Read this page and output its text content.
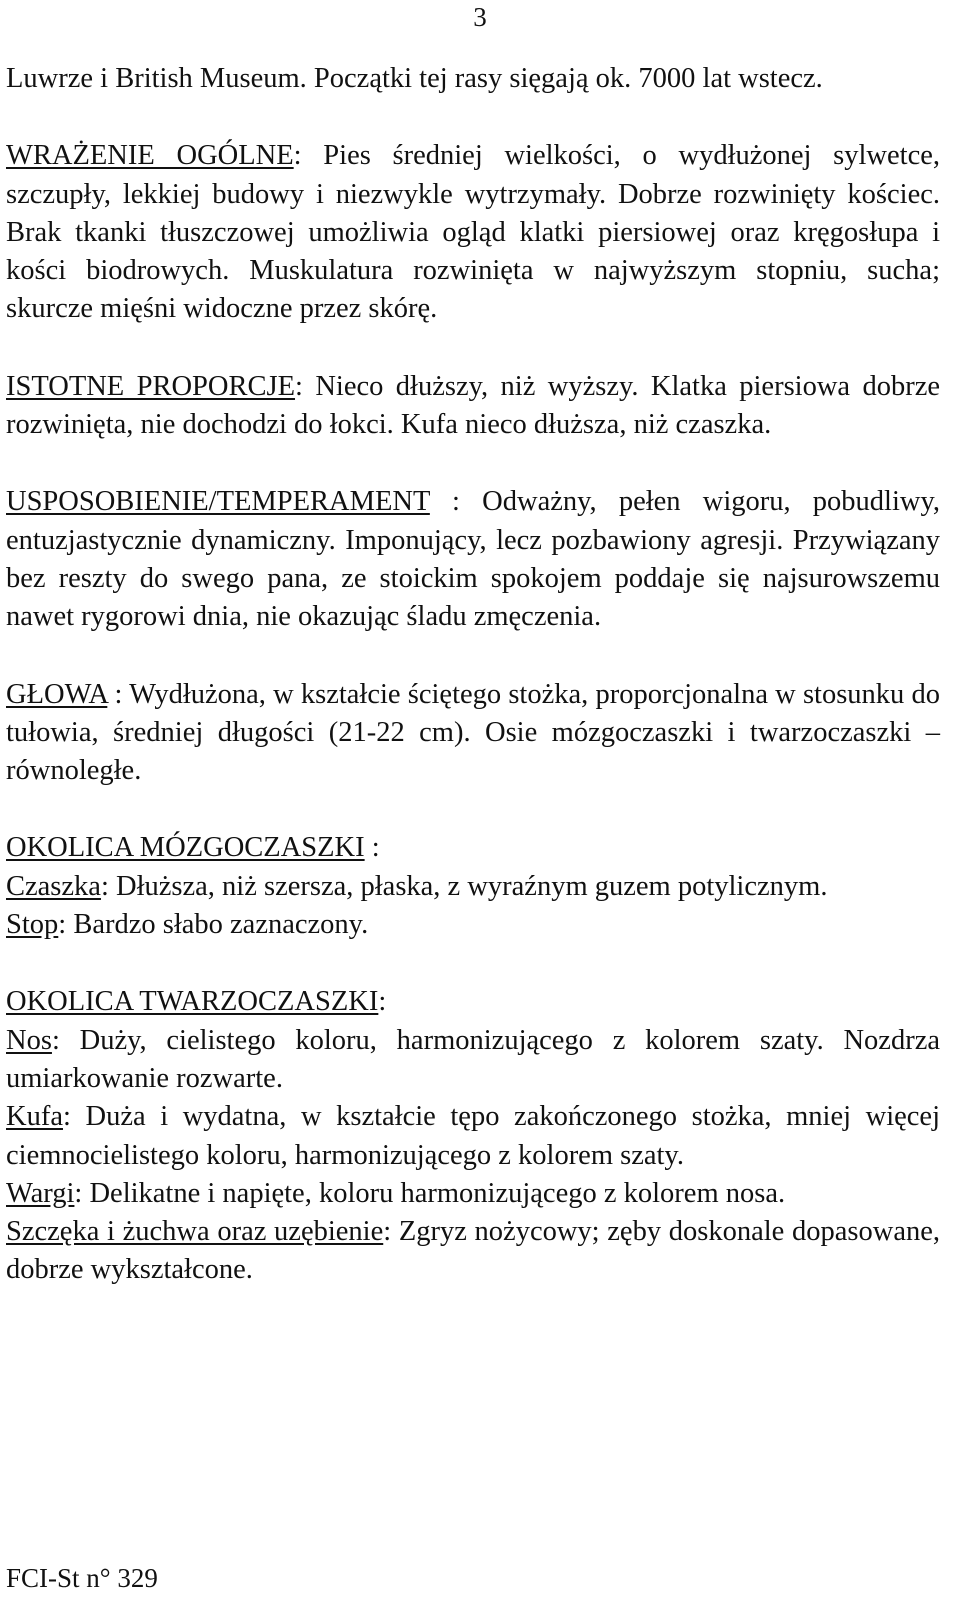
3

Luwrze i British Museum. Początki tej rasy sięgają ok. 7000 lat wstecz.

WRAŻENIE OGÓLNE: Pies średniej wielkości, o wydłużonej sylwetce, szczupły, lekkiej budowy i niezwykle wytrzymały. Dobrze rozwinięty kościec. Brak tkanki tłuszczowej umożliwia ogląd klatki piersiowej oraz kręgosłupa i kości biodrowych. Muskulatura rozwinięta w najwyższym stopniu, sucha; skurcze mięśni widoczne przez skórę.

ISTOTNE PROPORCJE: Nieco dłuższy, niż wyższy. Klatka piersiowa dobrze rozwinięta, nie dochodzi do łokci. Kufa nieco dłuższa, niż czaszka.

USPOSOBIENIE/TEMPERAMENT : Odważny, pełen wigoru, pobudliwy, entuzjastycznie dynamiczny. Imponujący, lecz pozbawiony agresji. Przywiązany bez reszty do swego pana, ze stoickim spokojem poddaje się najsurowszemu nawet rygorowi dnia, nie okazując śladu zmęczenia.

GŁOWA : Wydłużona, w kształcie ściętego stożka, proporcjonalna w stosunku do tułowia, średniej długości (21-22 cm). Osie mózgoczaszki i twarzoczaszki – równoległe.

OKOLICA MÓZGOCZASZKI :

Czaszka: Dłuższa, niż szersza, płaska, z wyraźnym guzem potylicznym.

Stop: Bardzo słabo zaznaczony.

OKOLICA TWARZOCZASZKI:

Nos: Duży, cielistego koloru, harmonizującego z kolorem szaty. Nozdrza umiarkowanie rozwarte.

Kufa: Duża i wydatna, w kształcie tępo zakończonego stożka, mniej więcej ciemnocielistego koloru, harmonizującego z kolorem szaty.

Wargi: Delikatne i napięte, koloru harmonizującego z kolorem nosa.

Szczęka i żuchwa oraz uzębienie: Zgryz nożycowy; zęby doskonale dopasowane, dobrze wykształcone.

FCI-St n° 329
